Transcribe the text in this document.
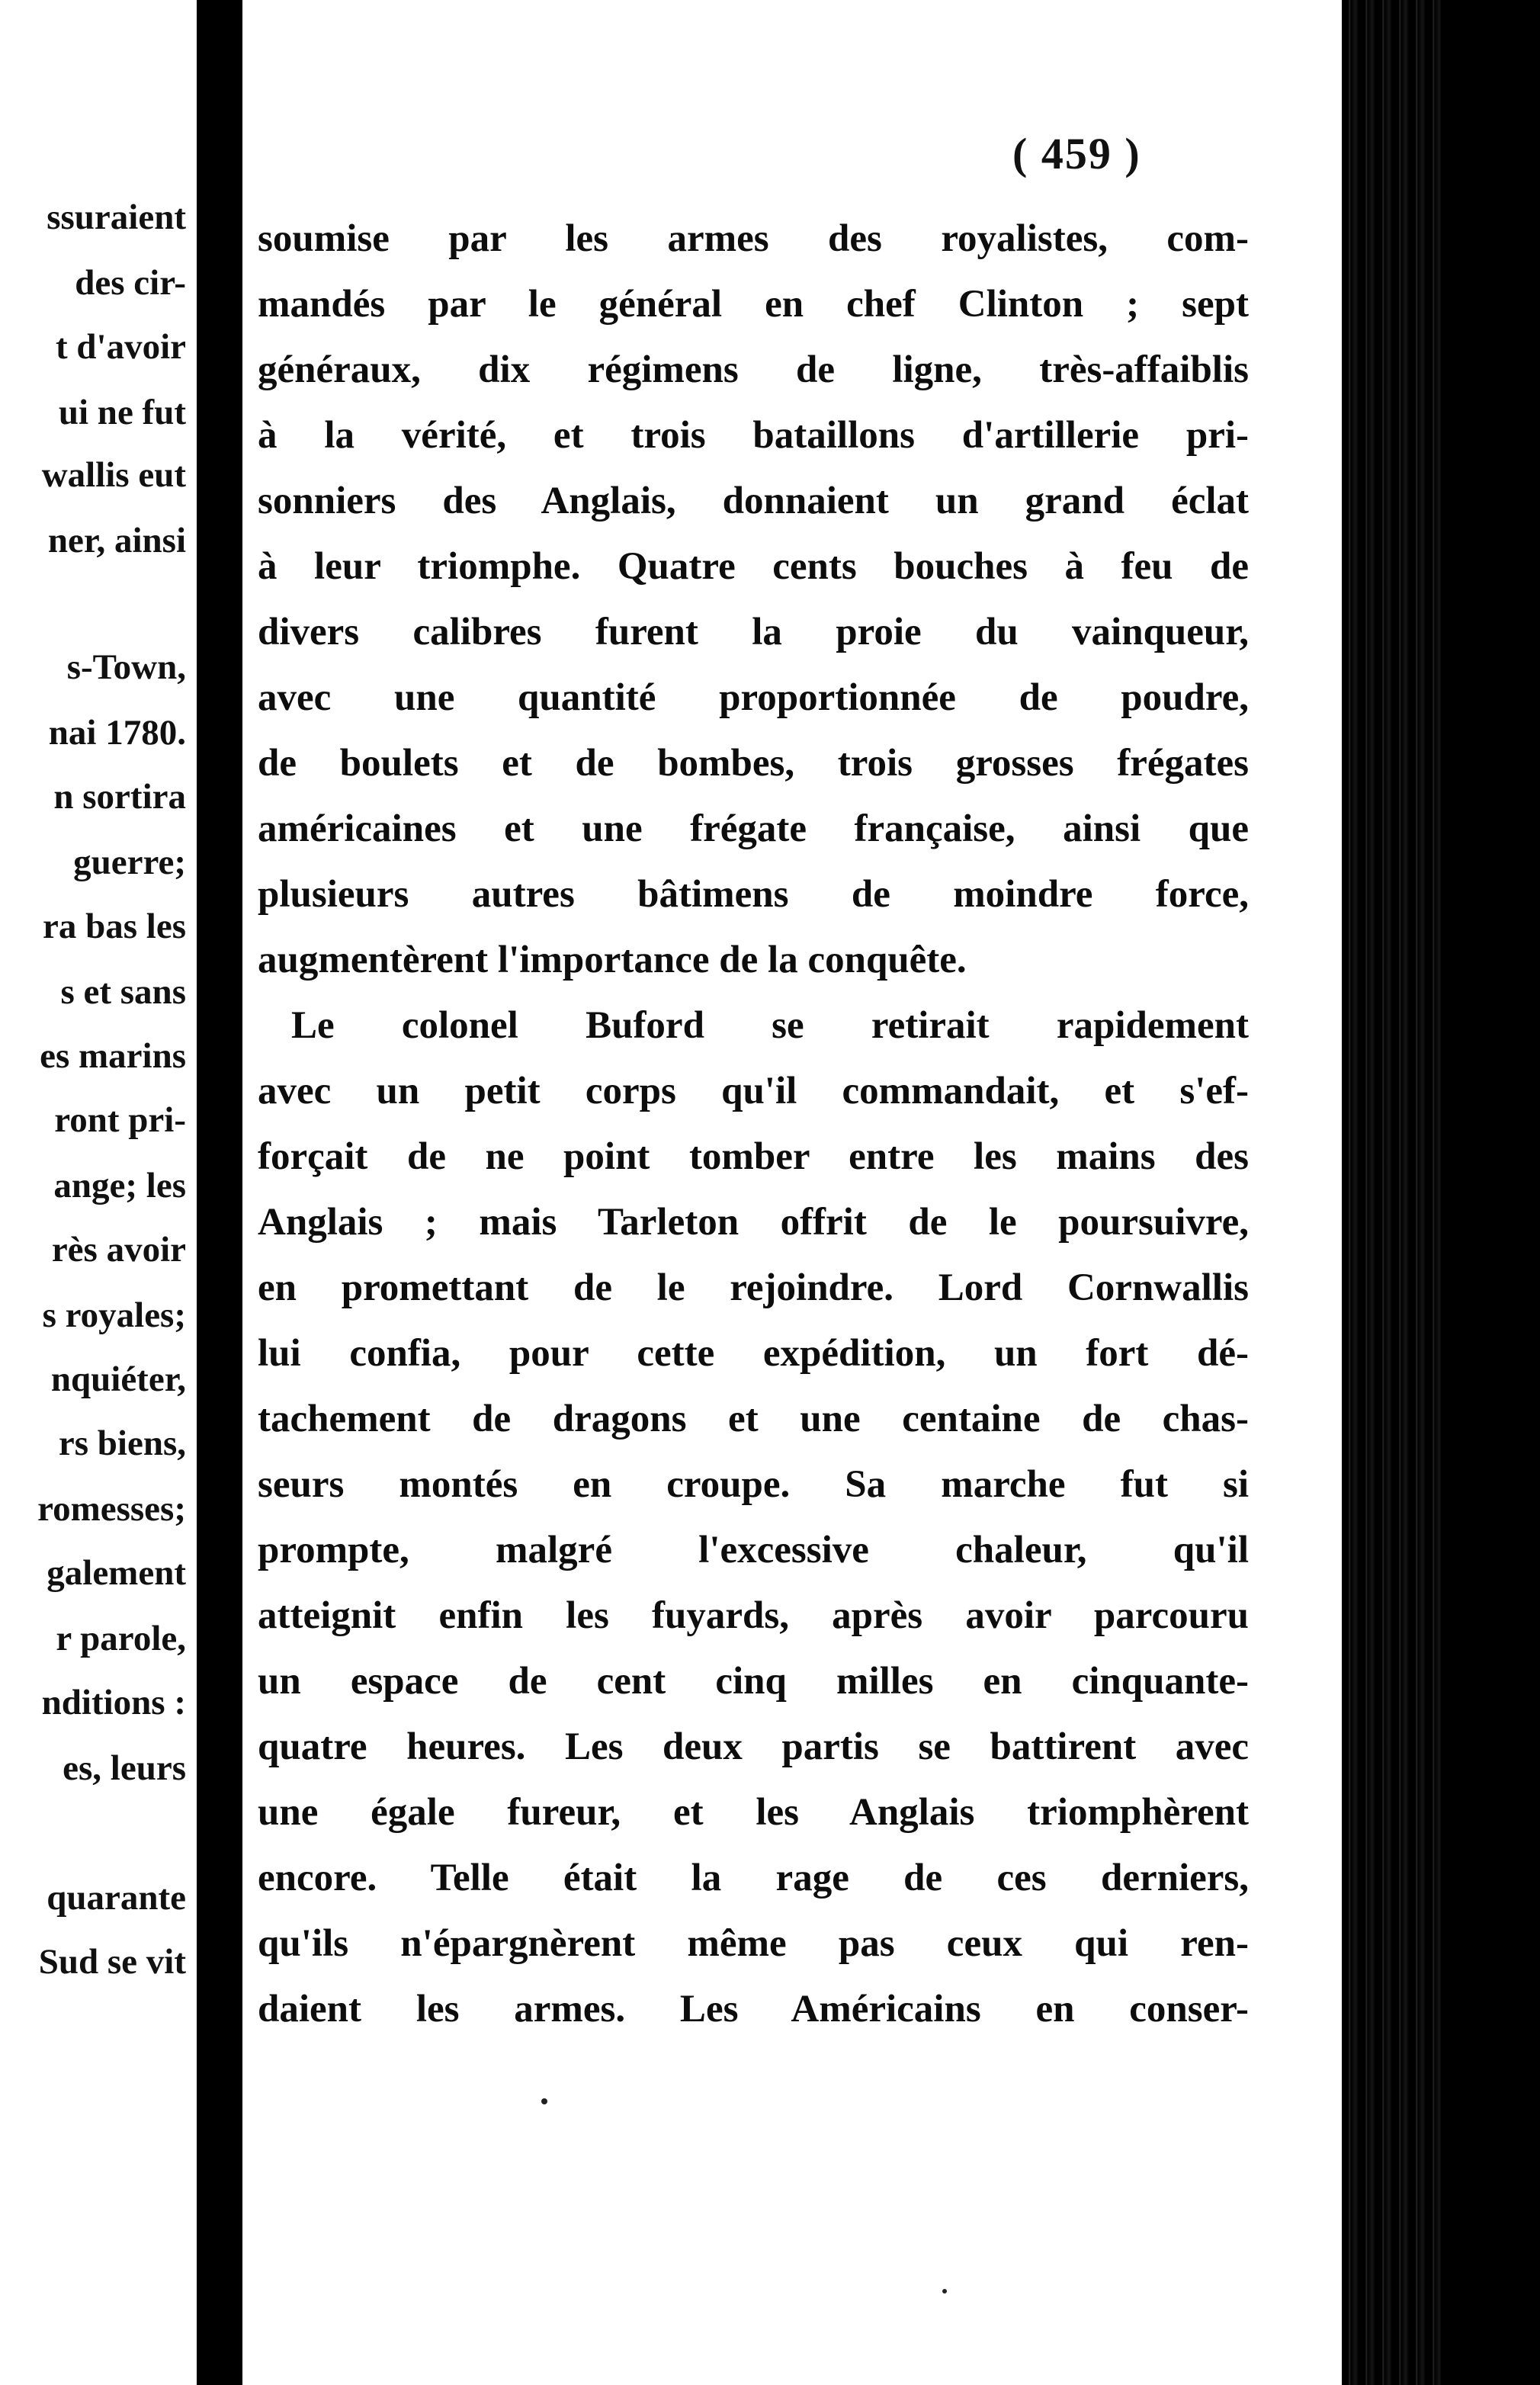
ssuraient
des cir-
t d'avoir
ui ne fut
wallis eut
ner, ainsi
s-Town,
nai 1780.
n sortira
guerre;
ra bas les
s et sans
es marins
ront pri-
ange; les
rès avoir
s royales;
nquiéter,
rs biens,
romesses;
galement
r parole,
nditions :
es, leurs
quarante
Sud se vit
( 459 )
soumise par les armes des royalistes, com-
mandés par le général en chef Clinton ; sept
généraux, dix régimens de ligne, très-affaiblis
à la vérité, et trois bataillons d'artillerie pri-
sonniers des Anglais, donnaient un grand éclat
à leur triomphe. Quatre cents bouches à feu de
divers calibres furent la proie du vainqueur,
avec une quantité proportionnée de poudre,
de boulets et de bombes, trois grosses frégates
américaines et une frégate française, ainsi que
plusieurs autres bâtimens de moindre force,
augmentèrent l'importance de la conquête.
Le colonel Buford se retirait rapidement
avec un petit corps qu'il commandait, et s'ef-
forçait de ne point tomber entre les mains des
Anglais ; mais Tarleton offrit de le poursuivre,
en promettant de le rejoindre. Lord Cornwallis
lui confia, pour cette expédition, un fort dé-
tachement de dragons et une centaine de chas-
seurs montés en croupe. Sa marche fut si
prompte, malgré l'excessive chaleur, qu'il
atteignit enfin les fuyards, après avoir parcouru
un espace de cent cinq milles en cinquante-
quatre heures. Les deux partis se battirent avec
une égale fureur, et les Anglais triomphèrent
encore. Telle était la rage de ces derniers,
qu'ils n'épargnèrent même pas ceux qui ren-
daient les armes. Les Américains en conser-
